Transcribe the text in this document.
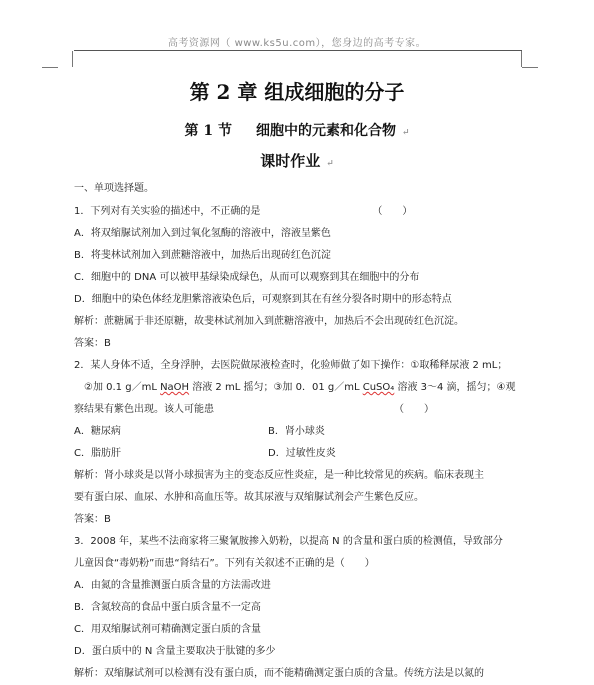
高考资源网（ www.ks5u.com），您身边的高考专家。
第 2 章 组成细胞的分子
第 1 节 细胞中的元素和化合物 ↵
课时作业 ↵
一、单项选择题。
1．下列对有关实验的描述中，不正确的是	（　　）
A．将双缩脲试剂加入到过氧化氢酶的溶液中，溶液呈紫色
B．将斐林试剂加入到蔗糖溶液中，加热后出现砖红色沉淀
C．细胞中的 DNA 可以被甲基绿染成绿色，从而可以观察到其在细胞中的分布
D．细胞中的染色体经龙胆紫溶液染色后，可观察到其在有丝分裂各时期中的形态特点
解析：蔗糖属于非还原糖，故斐林试剂加入到蔗糖溶液中，加热后不会出现砖红色沉淀。
答案：B
2．某人身体不适，全身浮肿，去医院做尿液检查时，化验师做了如下操作：①取稀释尿液 2 mL；
②加 0.1 g／mL NaOH 溶液 2 mL 摇匀；③加 0．01 g／mL CuSO₄ 溶液 3～4 滴，摇匀；④观
察结果有紫色出现。该人可能患	（　　）
A．糖尿病	B．肾小球炎
C．脂肪肝	D．过敏性皮炎
解析：肾小球炎是以肾小球损害为主的变态反应性炎症，是一种比较常见的疾病。临床表现主
要有蛋白尿、血尿、水肿和高血压等。故其尿液与双缩脲试剂会产生紫色反应。
答案：B
3．2008 年，某些不法商家将三聚氰胺掺入奶粉，以提高 N 的含量和蛋白质的检测值，导致部分
儿童因食“毒奶粉”而患“肾结石”。下列有关叙述不正确的是（　　）
A．由氮的含量推测蛋白质含量的方法需改进
B．含氮较高的食品中蛋白质含量不一定高
C．用双缩脲试剂可精确测定蛋白质的含量
D．蛋白质中的 N 含量主要取决于肽键的多少
解析：双缩脲试剂可以检测有没有蛋白质，而不能精确测定蛋白质的含量。传统方法是以氮的
